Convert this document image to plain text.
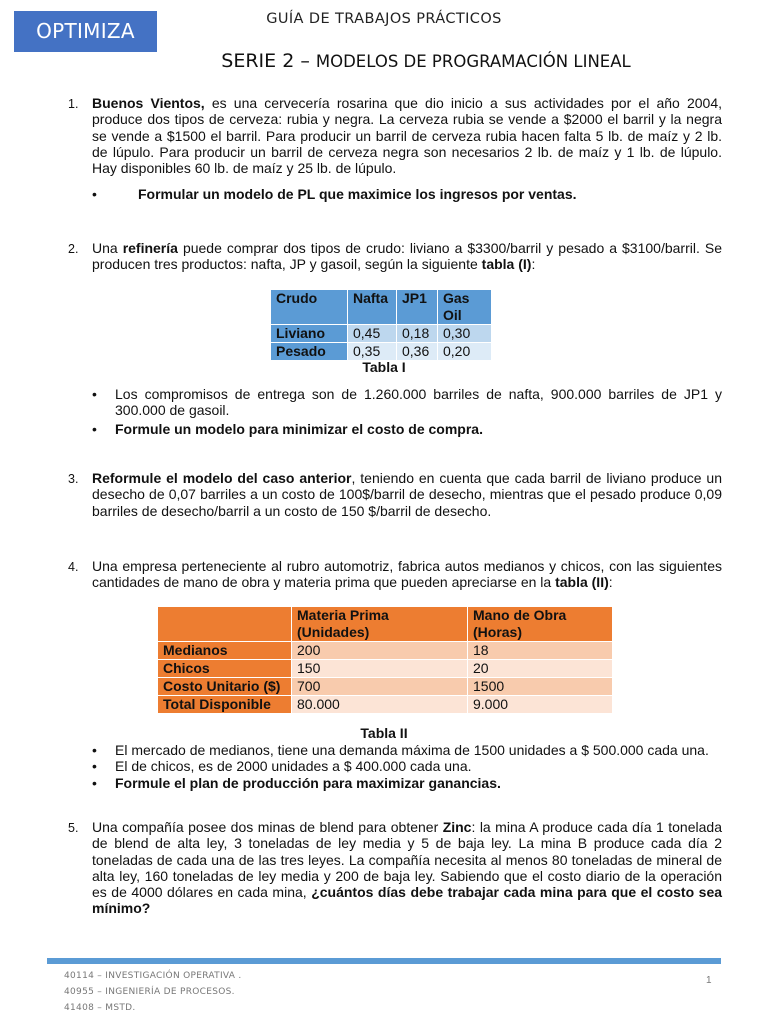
OPTIMIZA	GUÍA DE TRABAJOS PRÁCTICOS
SERIE 2 – MODELOS DE PROGRAMACIÓN LINEAL
1. Buenos Vientos, es una cervecería rosarina que dio inicio a sus actividades por el año 2004, produce dos tipos de cerveza: rubia y negra. La cerveza rubia se vende a $2000 el barril y la negra se vende a $1500 el barril. Para producir un barril de cerveza rubia hacen falta 5 lb. de maíz y 2 lb. de lúpulo. Para producir un barril de cerveza negra son necesarios 2 lb. de maíz y 1 lb. de lúpulo. Hay disponibles 60 lb. de maíz y 25 lb. de lúpulo.
• Formular un modelo de PL que maximice los ingresos por ventas.
2. Una refinería puede comprar dos tipos de crudo: liviano a $3300/barril y pesado a $3100/barril. Se producen tres productos: nafta, JP y gasoil, según la siguiente tabla (I):
Crudo	Nafta	JP1	Gas
Oil
Liviano	0,45	0,18	0,30
Pesado	0,35	0,36	0,20
Tabla I
• Los compromisos de entrega son de 1.260.000 barriles de nafta, 900.000 barriles de JP1 y 300.000 de gasoil.
• Formule un modelo para minimizar el costo de compra.
3. Reformule el modelo del caso anterior, teniendo en cuenta que cada barril de liviano produce un desecho de 0,07 barriles a un costo de 100$/barril de desecho, mientras que el pesado produce 0,09 barriles de desecho/barril a un costo de 150 $/barril de desecho.
4. Una empresa perteneciente al rubro automotriz, fabrica autos medianos y chicos, con las siguientes cantidades de mano de obra y materia prima que pueden apreciarse en la tabla (II):
	Materia Prima
(Unidades)	Mano de Obra
(Horas)
Medianos	200	18
Chicos	150	20
Costo Unitario ($)	700	1500
Total Disponible	80.000	9.000
Tabla II
• El mercado de medianos, tiene una demanda máxima de 1500 unidades a $ 500.000 cada una.
• El de chicos, es de 2000 unidades a $ 400.000 cada una.
• Formule el plan de producción para maximizar ganancias.
5. Una compañía posee dos minas de blend para obtener Zinc: la mina A produce cada día 1 tonelada de blend de alta ley, 3 toneladas de ley media y 5 de baja ley. La mina B produce cada día 2 toneladas de cada una de las tres leyes. La compañía necesita al menos 80 toneladas de mineral de alta ley, 160 toneladas de ley media y 200 de baja ley. Sabiendo que el costo diario de la operación es de 4000 dólares en cada mina, ¿cuántos días debe trabajar cada mina para que el costo sea mínimo?
40114 – INVESTIGACIÓN OPERATIVA .
40955 – INGENIERÍA DE PROCESOS.
41408 – MSTD.
1
